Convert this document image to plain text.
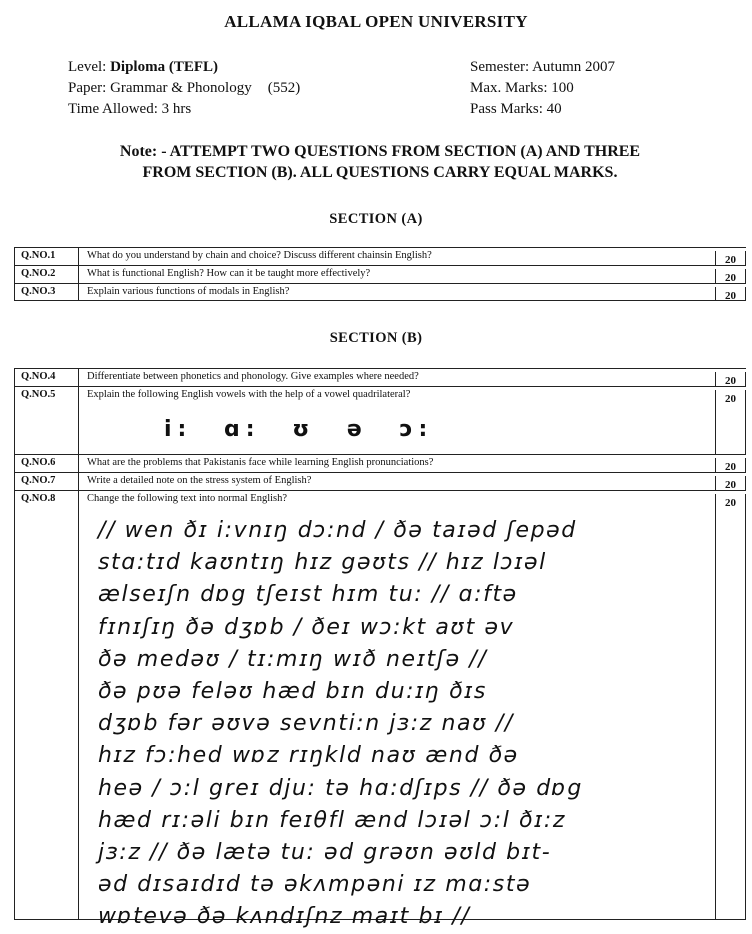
ALLAMA IQBAL OPEN UNIVERSITY
Level: Diploma (TEFL)
Paper: Grammar & Phonology (552)
Time Allowed: 3 hrs
Semester: Autumn 2007
Max. Marks: 100
Pass Marks: 40
Note: - ATTEMPT TWO QUESTIONS FROM SECTION (A) AND THREE
FROM SECTION (B). ALL QUESTIONS CARRY EQUAL MARKS.
SECTION (A)
Q.NO.1	What do you understand by chain and choice? Discuss different chainsin English?	20
Q.NO.2	What is functional English? How can it be taught more effectively?	20
Q.NO.3	Explain various functions of modals in English?	20
SECTION (B)
Q.NO.4	Differentiate between phonetics and phonology. Give examples where needed?	20
Q.NO.5	Explain the following English vowels with the help of a vowel quadrilateral?	20
i: ɑ: ʊ ə ɔ:
Q.NO.6	What are the problems that Pakistanis face while learning English pronunciations?	20
Q.NO.7	Write a detailed note on the stress system of English?	20
Q.NO.8	Change the following text into normal English?	20
// wen ðɪ i:vnɪŋ dɔ:nd / ðə taɪəd ʃepəd
stɑ:tɪd kaʊntɪŋ hɪz gəʊts // hɪz lɔɪəl
ælseɪʃn dɒg tʃeɪst hɪm tu: // ɑ:ftə
fɪnɪʃɪŋ ðə dʒɒb / ðeɪ wɔ:kt aʊt əv
ðə medəʊ / tɪ:mɪŋ wɪð neɪtʃə //
ðə pʊə feləʊ hæd bɪn du:ɪŋ ðɪs
dʒɒb fər əʊvə sevnti:n jɜ:z naʊ //
hɪz fɔ:hed wɒz rɪŋkld naʊ ænd ðə
heə / ɔ:l greɪ dju: tə hɑ:dʃɪps // ðə dɒg
hæd rɪ:əli bɪn feɪθfl ænd lɔɪəl ɔ:l ðɪ:z
jɜ:z // ðə lætə tu: əd grəʊn əʊld bɪt-
əd dɪsaɪdɪd tə əkʌmpəni ɪz mɑ:stə
wɒtevə ðə kʌndɪʃnz maɪt bɪ //
